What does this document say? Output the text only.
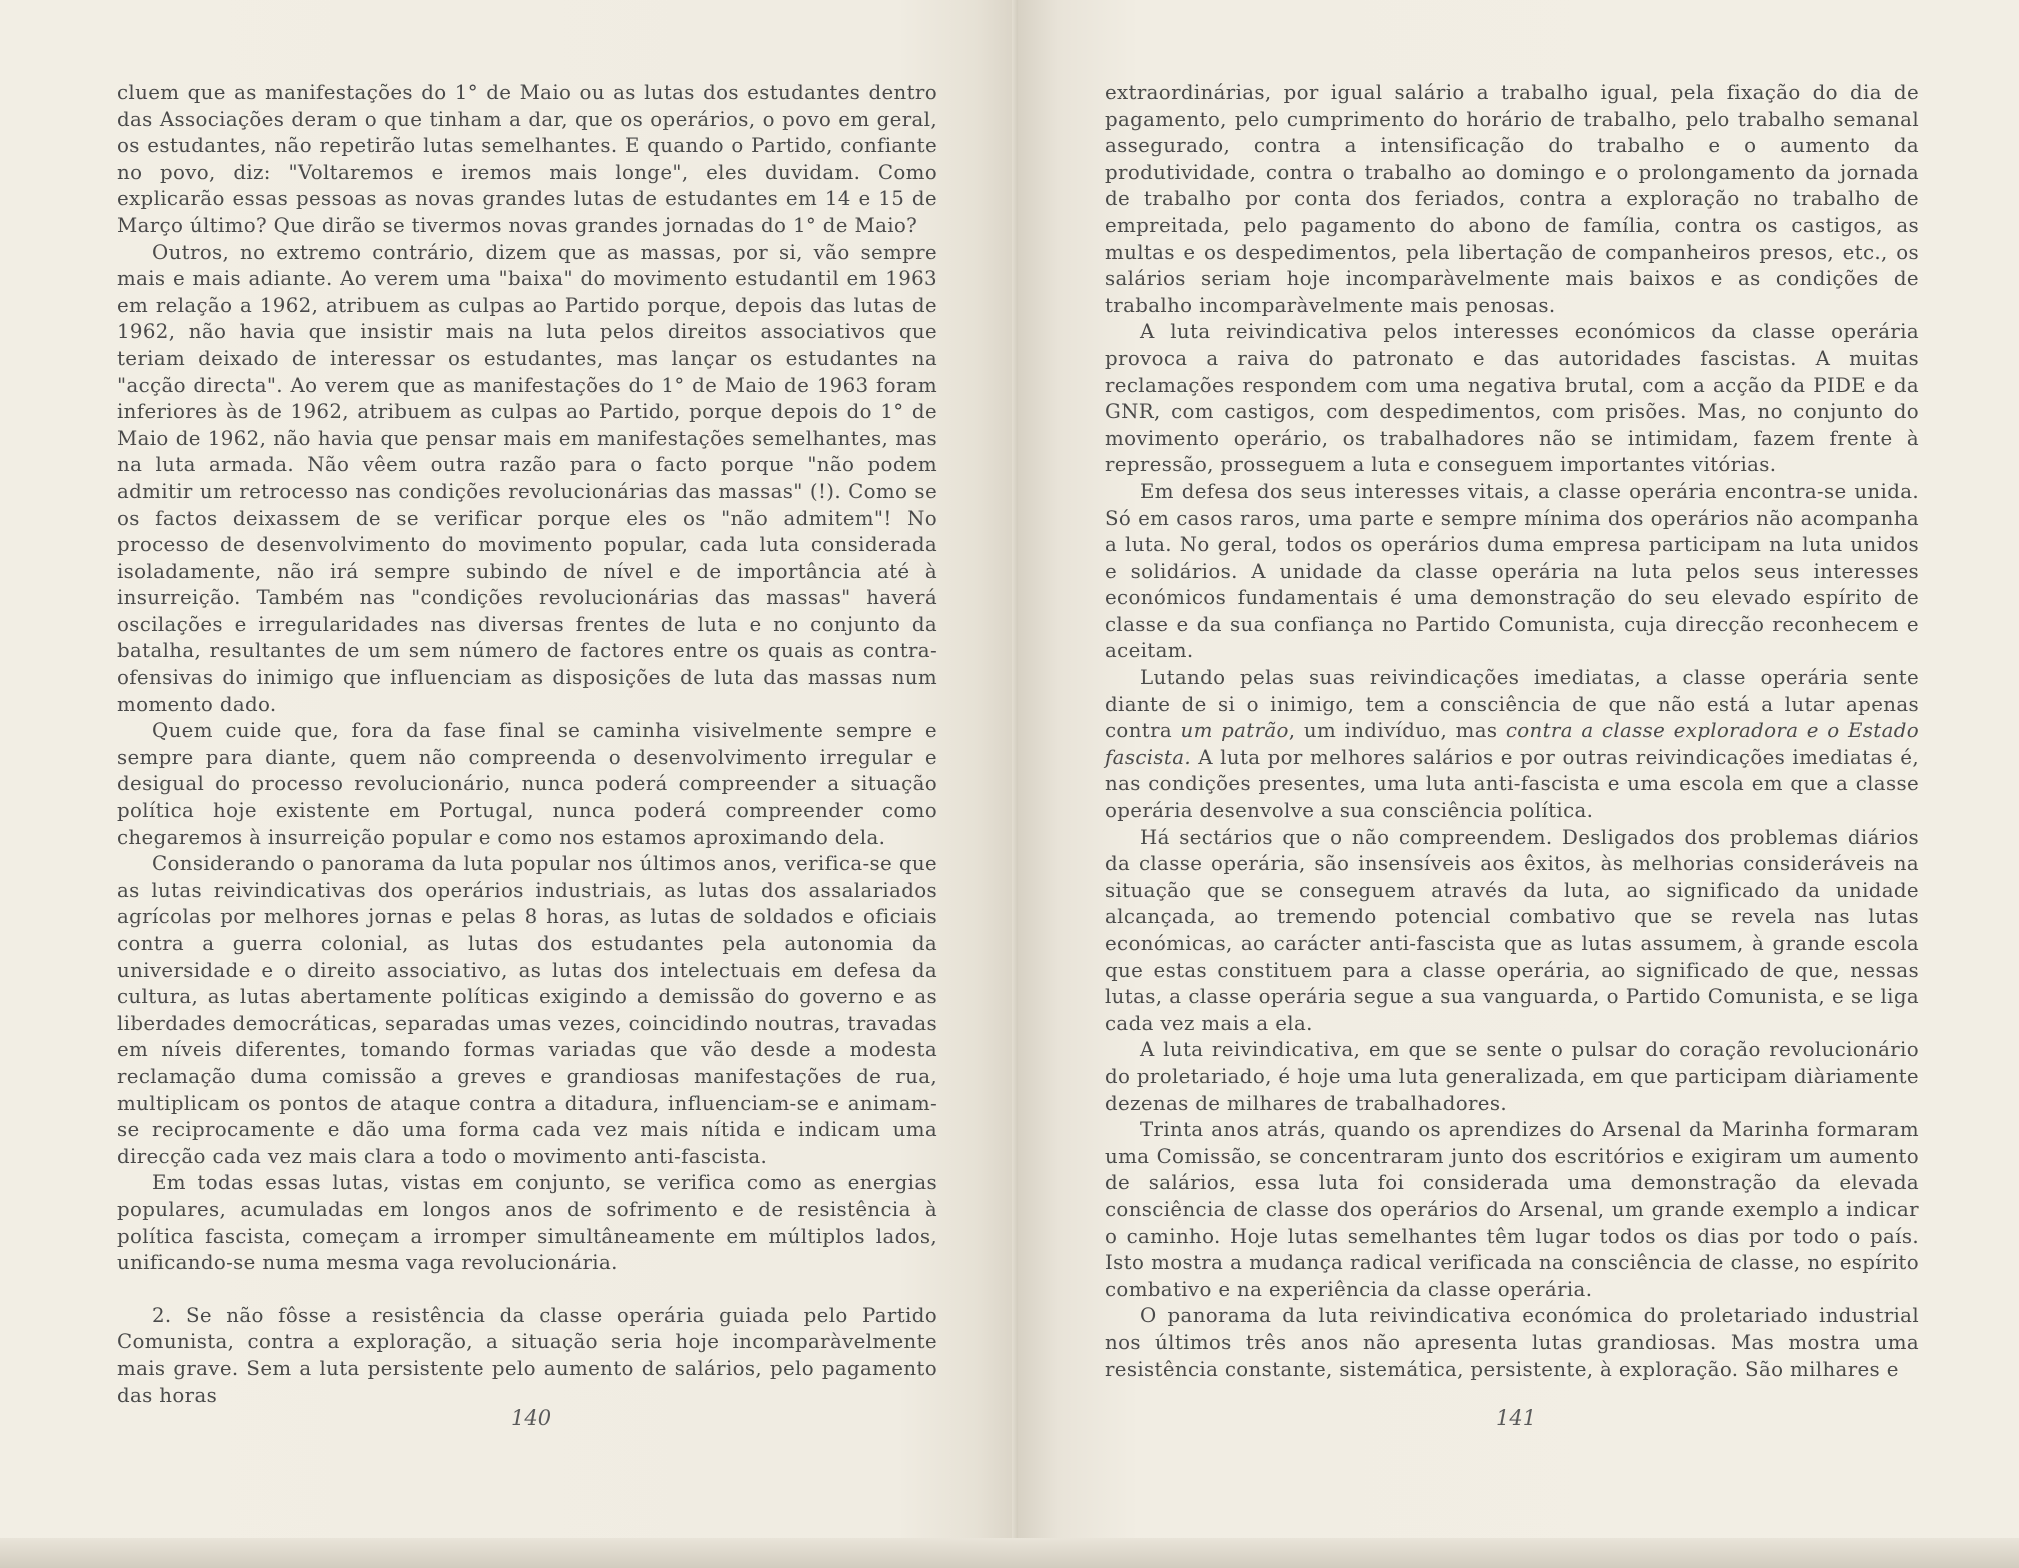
cluem que as manifestações do 1° de Maio ou as lutas dos estudantes dentro das Associações deram o que tinham a dar, que os operários, o povo em geral, os estudantes, não repetirão lutas semelhantes. E quando o Partido, confiante no povo, diz: "Voltaremos e iremos mais longe", eles duvidam. Como explicarão essas pessoas as novas grandes lutas de estudantes em 14 e 15 de Março último? Que dirão se tivermos novas grandes jornadas do 1° de Maio?

Outros, no extremo contrário, dizem que as massas, por si, vão sempre mais e mais adiante. Ao verem uma "baixa" do movimento estudantil em 1963 em relação a 1962, atribuem as culpas ao Partido porque, depois das lutas de 1962, não havia que insistir mais na luta pelos direitos associativos que teriam deixado de interessar os estudantes, mas lançar os estudantes na "acção directa". Ao verem que as manifestações do 1° de Maio de 1963 foram inferiores às de 1962, atribuem as culpas ao Partido, porque depois do 1° de Maio de 1962, não havia que pensar mais em manifestações semelhantes, mas na luta armada. Não vêem outra razão para o facto porque "não podem admitir um retrocesso nas condições revolucionárias das massas" (!). Como se os factos deixassem de se verificar porque eles os "não admitem"! No processo de desenvolvimento do movimento popular, cada luta considerada isoladamente, não irá sempre subindo de nível e de importância até à insurreição. Também nas "condições revolucionárias das massas" haverá oscilações e irregularidades nas diversas frentes de luta e no conjunto da batalha, resultantes de um sem número de factores entre os quais as contra-ofensivas do inimigo que influenciam as disposições de luta das massas num momento dado.

Quem cuide que, fora da fase final se caminha visivelmente sempre e sempre para diante, quem não compreenda o desenvolvimento irregular e desigual do processo revolucionário, nunca poderá compreender a situação política hoje existente em Portugal, nunca poderá compreender como chegaremos à insurreição popular e como nos estamos aproximando dela.

Considerando o panorama da luta popular nos últimos anos, verifica-se que as lutas reivindicativas dos operários industriais, as lutas dos assalariados agrícolas por melhores jornas e pelas 8 horas, as lutas de soldados e oficiais contra a guerra colonial, as lutas dos estudantes pela autonomia da universidade e o direito associativo, as lutas dos intelectuais em defesa da cultura, as lutas abertamente políticas exigindo a demissão do governo e as liberdades democráticas, separadas umas vezes, coincidindo noutras, travadas em níveis diferentes, tomando formas variadas que vão desde a modesta reclamação duma comissão a greves e grandiosas manifestações de rua, multiplicam os pontos de ataque contra a ditadura, influenciam-se e animam-se reciprocamente e dão uma forma cada vez mais nítida e indicam uma direcção cada vez mais clara a todo o movimento anti-fascista.

Em todas essas lutas, vistas em conjunto, se verifica como as energias populares, acumuladas em longos anos de sofrimento e de resistência à política fascista, começam a irromper simultâneamente em múltiplos lados, unificando-se numa mesma vaga revolucionária.

2. Se não fôsse a resistência da classe operária guiada pelo Partido Comunista, contra a exploração, a situação seria hoje incomparàvelmente mais grave. Sem a luta persistente pelo aumento de salários, pelo pagamento das horas

140

extraordinárias, por igual salário a trabalho igual, pela fixação do dia de pagamento, pelo cumprimento do horário de trabalho, pelo trabalho semanal assegurado, contra a intensificação do trabalho e o aumento da produtividade, contra o trabalho ao domingo e o prolongamento da jornada de trabalho por conta dos feriados, contra a exploração no trabalho de empreitada, pelo pagamento do abono de família, contra os castigos, as multas e os despedimentos, pela libertação de companheiros presos, etc., os salários seriam hoje incomparàvelmente mais baixos e as condições de trabalho incomparàvelmente mais penosas.

A luta reivindicativa pelos interesses económicos da classe operária provoca a raiva do patronato e das autoridades fascistas. A muitas reclamações respondem com uma negativa brutal, com a acção da PIDE e da GNR, com castigos, com despedimentos, com prisões. Mas, no conjunto do movimento operário, os trabalhadores não se intimidam, fazem frente à repressão, prosseguem a luta e conseguem importantes vitórias.

Em defesa dos seus interesses vitais, a classe operária encontra-se unida. Só em casos raros, uma parte e sempre mínima dos operários não acompanha a luta. No geral, todos os operários duma empresa participam na luta unidos e solidários. A unidade da classe operária na luta pelos seus interesses económicos fundamentais é uma demonstração do seu elevado espírito de classe e da sua confiança no Partido Comunista, cuja direcção reconhecem e aceitam.

Lutando pelas suas reivindicações imediatas, a classe operária sente diante de si o inimigo, tem a consciência de que não está a lutar apenas contra um patrão, um indivíduo, mas contra a classe exploradora e o Estado fascista. A luta por melhores salários e por outras reivindicações imediatas é, nas condições presentes, uma luta anti-fascista e uma escola em que a classe operária desenvolve a sua consciência política.

Há sectários que o não compreendem. Desligados dos problemas diários da classe operária, são insensíveis aos êxitos, às melhorias consideráveis na situação que se conseguem através da luta, ao significado da unidade alcançada, ao tremendo potencial combativo que se revela nas lutas económicas, ao carácter anti-fascista que as lutas assumem, à grande escola que estas constituem para a classe operária, ao significado de que, nessas lutas, a classe operária segue a sua vanguarda, o Partido Comunista, e se liga cada vez mais a ela.

A luta reivindicativa, em que se sente o pulsar do coração revolucionário do proletariado, é hoje uma luta generalizada, em que participam diàriamente dezenas de milhares de trabalhadores.

Trinta anos atrás, quando os aprendizes do Arsenal da Marinha formaram uma Comissão, se concentraram junto dos escritórios e exigiram um aumento de salários, essa luta foi considerada uma demonstração da elevada consciência de classe dos operários do Arsenal, um grande exemplo a indicar o caminho. Hoje lutas semelhantes têm lugar todos os dias por todo o país. Isto mostra a mudança radical verificada na consciência de classe, no espírito combativo e na experiência da classe operária.

O panorama da luta reivindicativa económica do proletariado industrial nos últimos três anos não apresenta lutas grandiosas. Mas mostra uma resistência constante, sistemática, persistente, à exploração. São milhares e

141
